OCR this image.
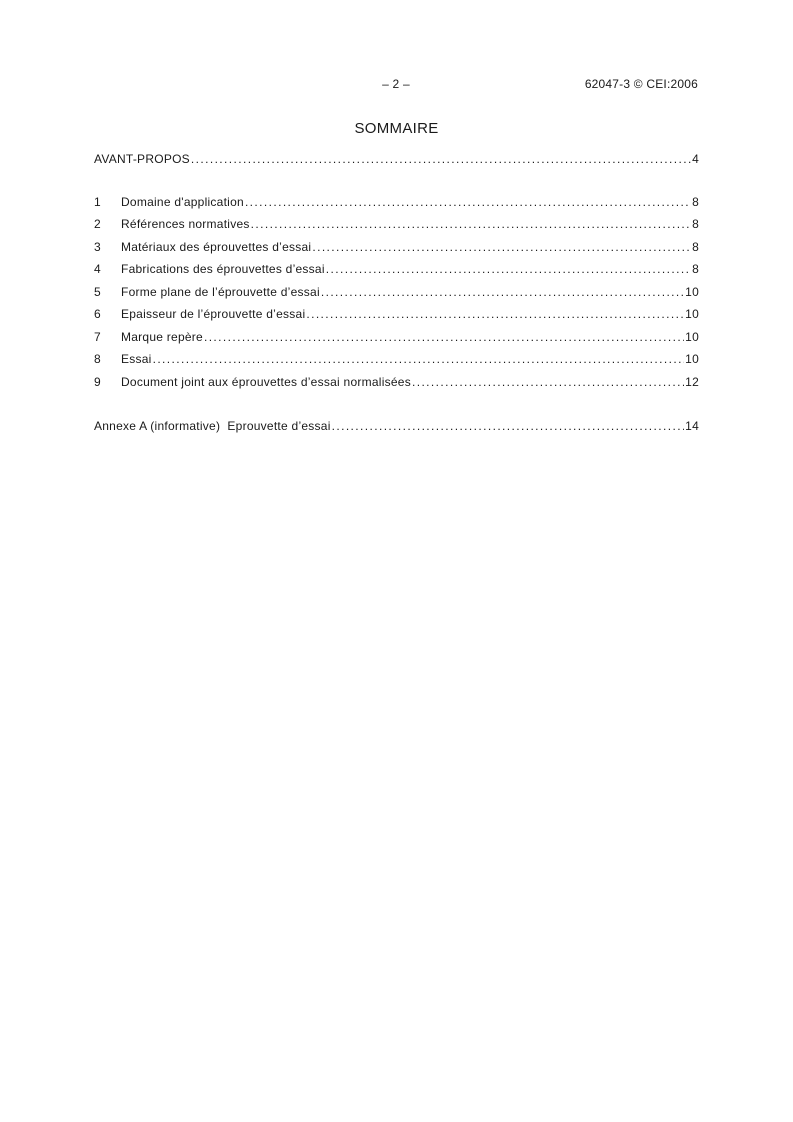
– 2 –	62047-3 © CEI:2006
SOMMAIRE
AVANT-PROPOS .....	4
1	Domaine d'application .....	8
2	Références normatives .....	8
3	Matériaux des éprouvettes d’essai .....	8
4	Fabrications des éprouvettes d’essai .....	8
5	Forme plane de l’éprouvette d’essai .....	10
6	Epaisseur de l’éprouvette d’essai .....	10
7	Marque repère .....	10
8	Essai .....	10
9	Document joint aux éprouvettes d’essai normalisées .....	12
Annexe A (informative)  Eprouvette d’essai .....	14
